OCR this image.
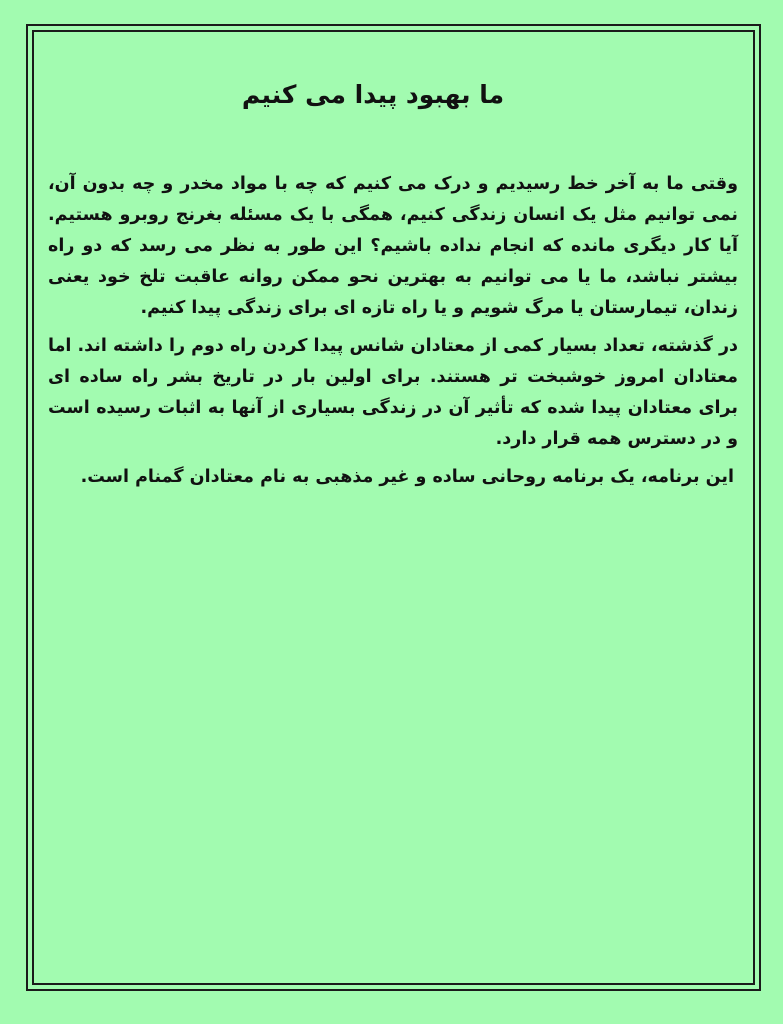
ما بهبود پیدا می کنیم

وقتی ما به آخر خط رسیدیم و درک می کنیم که چه با مواد مخدر و چه بدون آن، نمی توانیم مثل یک انسان زندگی کنیم، همگی با یک مسئله بغرنج روبرو هستیم. آیا کار دیگری مانده که انجام نداده باشیم؟ این طور به نظر می رسد که دو راه بیشتر نباشد، ما یا می توانیم به بهترین نحو ممکن روانه عاقبت تلخ خود یعنی زندان، تیمارستان یا مرگ شویم و یا راه تازه ای برای زندگی پیدا کنیم.

در گذشته، تعداد بسیار کمی از معتادان شانس پیدا کردن راه دوم را داشته اند. اما معتادان امروز خوشبخت تر هستند. برای اولین بار در تاریخ بشر راه ساده ای برای معتادان پیدا شده که تأثیر آن در زندگی بسیاری از آنها به اثبات رسیده است و در دسترس همه قرار دارد.

این برنامه، یک برنامه روحانی ساده و غیر مذهبی به نام معتادان گمنام است.
